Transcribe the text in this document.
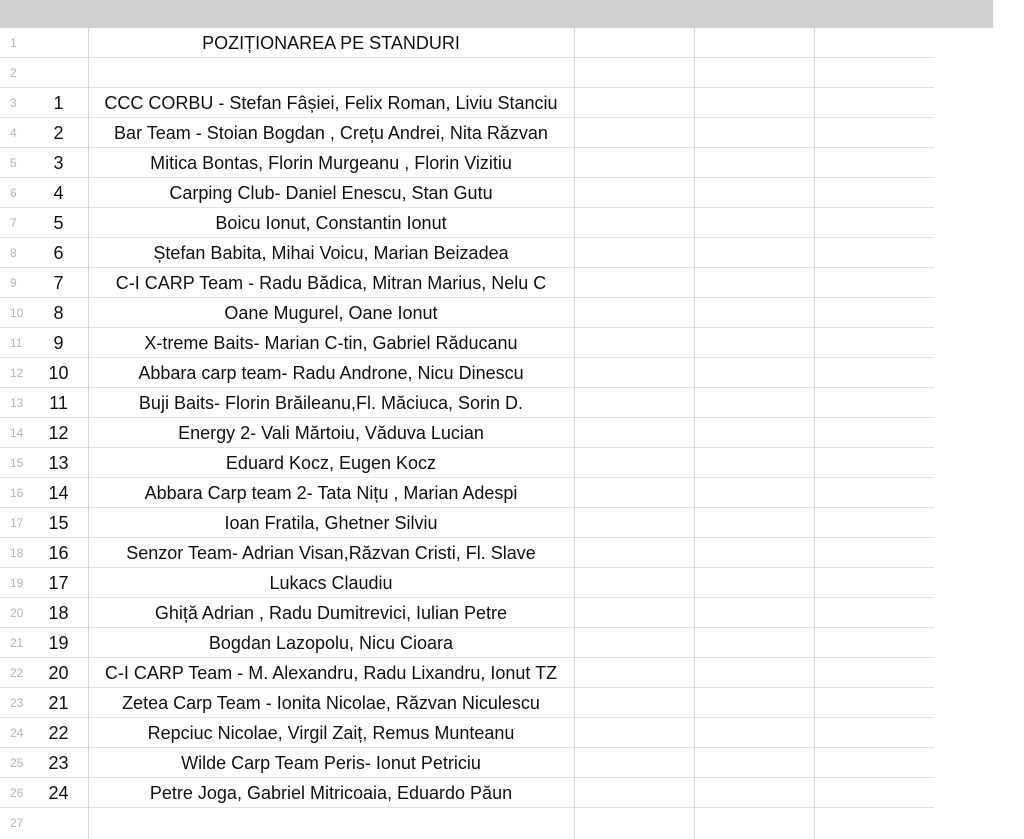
1	POZIȚIONAREA PE STANDURI
2
3	1	CCC CORBU - Stefan Fâșiei, Felix Roman, Liviu Stanciu
4	2	Bar Team - Stoian Bogdan , Crețu Andrei, Nita Răzvan
5	3	Mitica Bontas, Florin Murgeanu , Florin Vizitiu
6	4	Carping Club- Daniel Enescu, Stan Gutu
7	5	Boicu Ionut, Constantin Ionut
8	6	Ștefan Babita, Mihai Voicu, Marian Beizadea
9	7	C-I CARP Team - Radu Bădica, Mitran Marius, Nelu C
10	8	Oane Mugurel, Oane Ionut
11	9	X-treme Baits- Marian C-tin, Gabriel Răducanu
12	10	Abbara carp team- Radu Androne, Nicu Dinescu
13	11	Buji Baits- Florin Brăileanu,Fl. Măciuca, Sorin D.
14	12	Energy 2- Vali Mărtoiu, Văduva Lucian
15	13	Eduard Kocz, Eugen Kocz
16	14	Abbara Carp team 2- Tata Nițu , Marian Adespi
17	15	Ioan Fratila, Ghetner Silviu
18	16	Senzor Team- Adrian Visan,Răzvan Cristi, Fl. Slave
19	17	Lukacs Claudiu
20	18	Ghiță Adrian , Radu Dumitrevici, Iulian Petre
21	19	Bogdan Lazopolu, Nicu Cioara
22	20	C-I CARP Team - M. Alexandru, Radu Lixandru, Ionut TZ
23	21	Zetea Carp Team - Ionita Nicolae, Răzvan Niculescu
24	22	Repciuc Nicolae, Virgil Zaiț, Remus Munteanu
25	23	Wilde Carp Team Peris- Ionut Petriciu
26	24	Petre Joga, Gabriel Mitricoaia, Eduardo Păun
27
